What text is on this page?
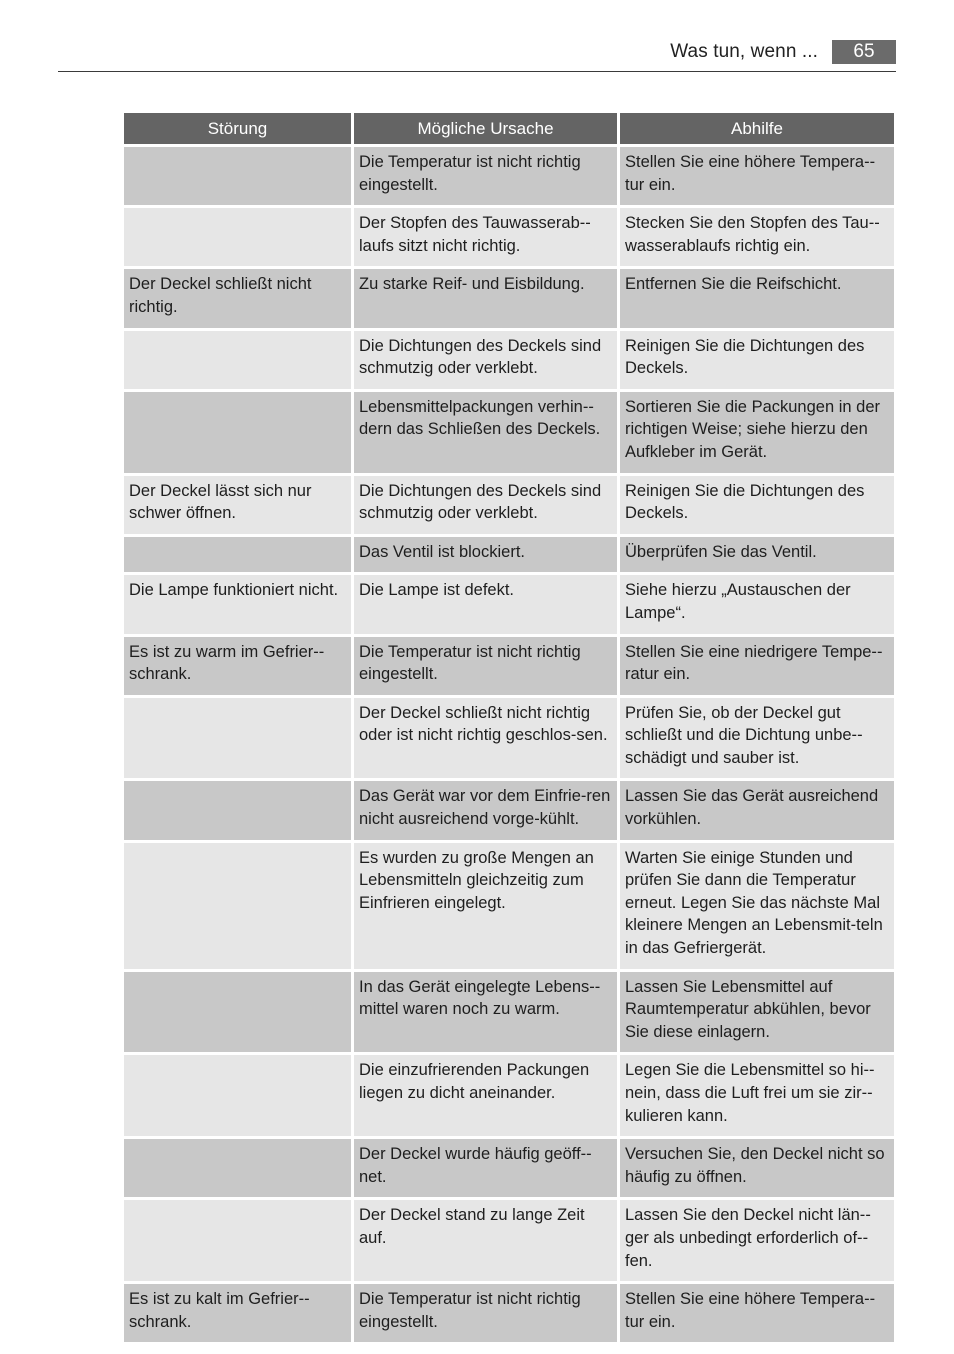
Was tun, wenn ...	65
Störung	Mögliche Ursache	Abhilfe
	Die Temperatur ist nicht richtig eingestellt.	Stellen Sie eine höhere Tempera-tur ein.
	Der Stopfen des Tauwasserab-laufs sitzt nicht richtig.	Stecken Sie den Stopfen des Tau-wasserablaufs richtig ein.
Der Deckel schließt nicht richtig.	Zu starke Reif- und Eisbildung.	Entfernen Sie die Reifschicht.
	Die Dichtungen des Deckels sind schmutzig oder verklebt.	Reinigen Sie die Dichtungen des Deckels.
	Lebensmittelpackungen verhin-dern das Schließen des Deckels.	Sortieren Sie die Packungen in der richtigen Weise; siehe hierzu den Aufkleber im Gerät.
Der Deckel lässt sich nur schwer öffnen.	Die Dichtungen des Deckels sind schmutzig oder verklebt.	Reinigen Sie die Dichtungen des Deckels.
	Das Ventil ist blockiert.	Überprüfen Sie das Ventil.
Die Lampe funktioniert nicht.	Die Lampe ist defekt.	Siehe hierzu „Austauschen der Lampe“.
Es ist zu warm im Gefrier-schrank.	Die Temperatur ist nicht richtig eingestellt.	Stellen Sie eine niedrigere Tempe-ratur ein.
	Der Deckel schließt nicht richtig oder ist nicht richtig geschlos-sen.	Prüfen Sie, ob der Deckel gut schließt und die Dichtung unbe-schädigt und sauber ist.
	Das Gerät war vor dem Einfrie-ren nicht ausreichend vorge-kühlt.	Lassen Sie das Gerät ausreichend vorkühlen.
	Es wurden zu große Mengen an Lebensmitteln gleichzeitig zum Einfrieren eingelegt.	Warten Sie einige Stunden und prüfen Sie dann die Temperatur erneut. Legen Sie das nächste Mal kleinere Mengen an Lebensmit-teln in das Gefriergerät.
	In das Gerät eingelegte Lebens-mittel waren noch zu warm.	Lassen Sie Lebensmittel auf Raumtemperatur abkühlen, bevor Sie diese einlagern.
	Die einzufrierenden Packungen liegen zu dicht aneinander.	Legen Sie die Lebensmittel so hi-nein, dass die Luft frei um sie zir-kulieren kann.
	Der Deckel wurde häufig geöff-net.	Versuchen Sie, den Deckel nicht so häufig zu öffnen.
	Der Deckel stand zu lange Zeit auf.	Lassen Sie den Deckel nicht län-ger als unbedingt erforderlich of-fen.
Es ist zu kalt im Gefrier-schrank.	Die Temperatur ist nicht richtig eingestellt.	Stellen Sie eine höhere Tempera-tur ein.
